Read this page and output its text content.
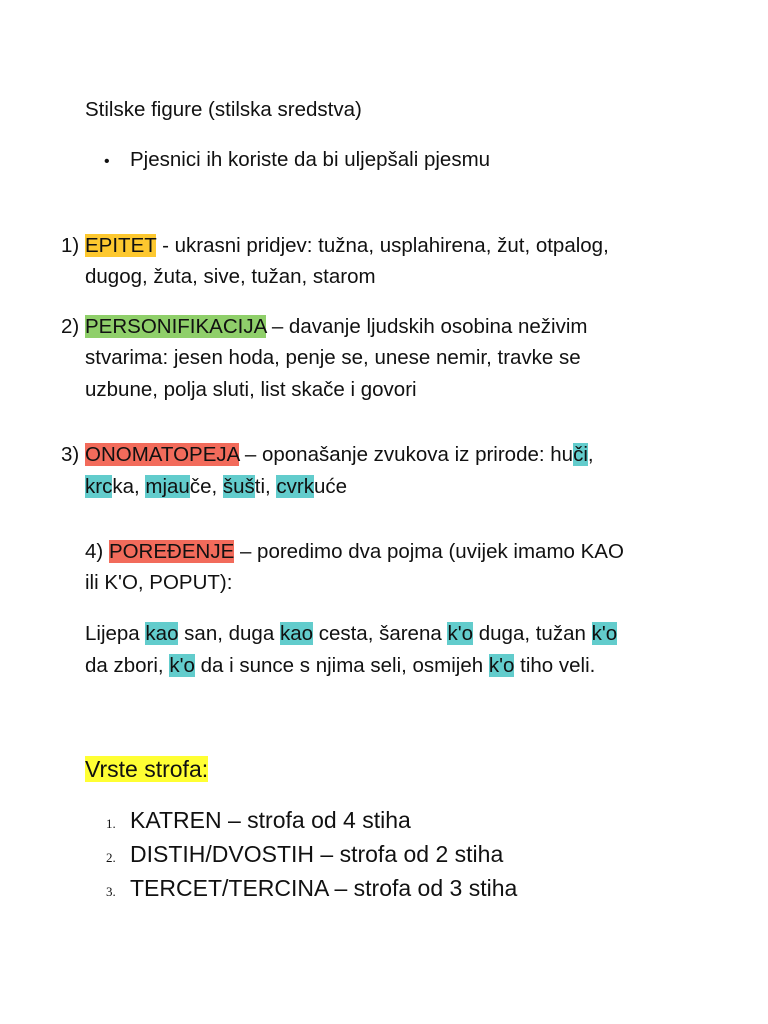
Stilske figure (stilska sredstva)
• Pjesnici ih koriste da bi uljepšali pjesmu
1) EPITET - ukrasni pridjev: tužna, usplahirena, žut, otpalog,
dugog, žuta, sive, tužan, starom
2) PERSONIFIKACIJA – davanje ljudskih osobina neživim
stvarima: jesen hoda, penje se, unese nemir, travke se
uzbune, polja sluti, list skače i govori
3) ONOMATOPEJA – oponašanje zvukova iz prirode: huči,
krcka, mjauče, šušti, cvrkuće
4) POREĐENJE – poredimo dva pojma (uvijek imamo KAO
ili K'O, POPUT):
Lijepa kao san, duga kao cesta, šarena k'o duga, tužan k'o
da zbori, k'o da i sunce s njima seli, osmijeh k'o tiho veli.
Vrste strofa:
1. KATREN – strofa od 4 stiha
2. DISTIH/DVOSTIH – strofa od 2 stiha
3. TERCET/TERCINA – strofa od 3 stiha
